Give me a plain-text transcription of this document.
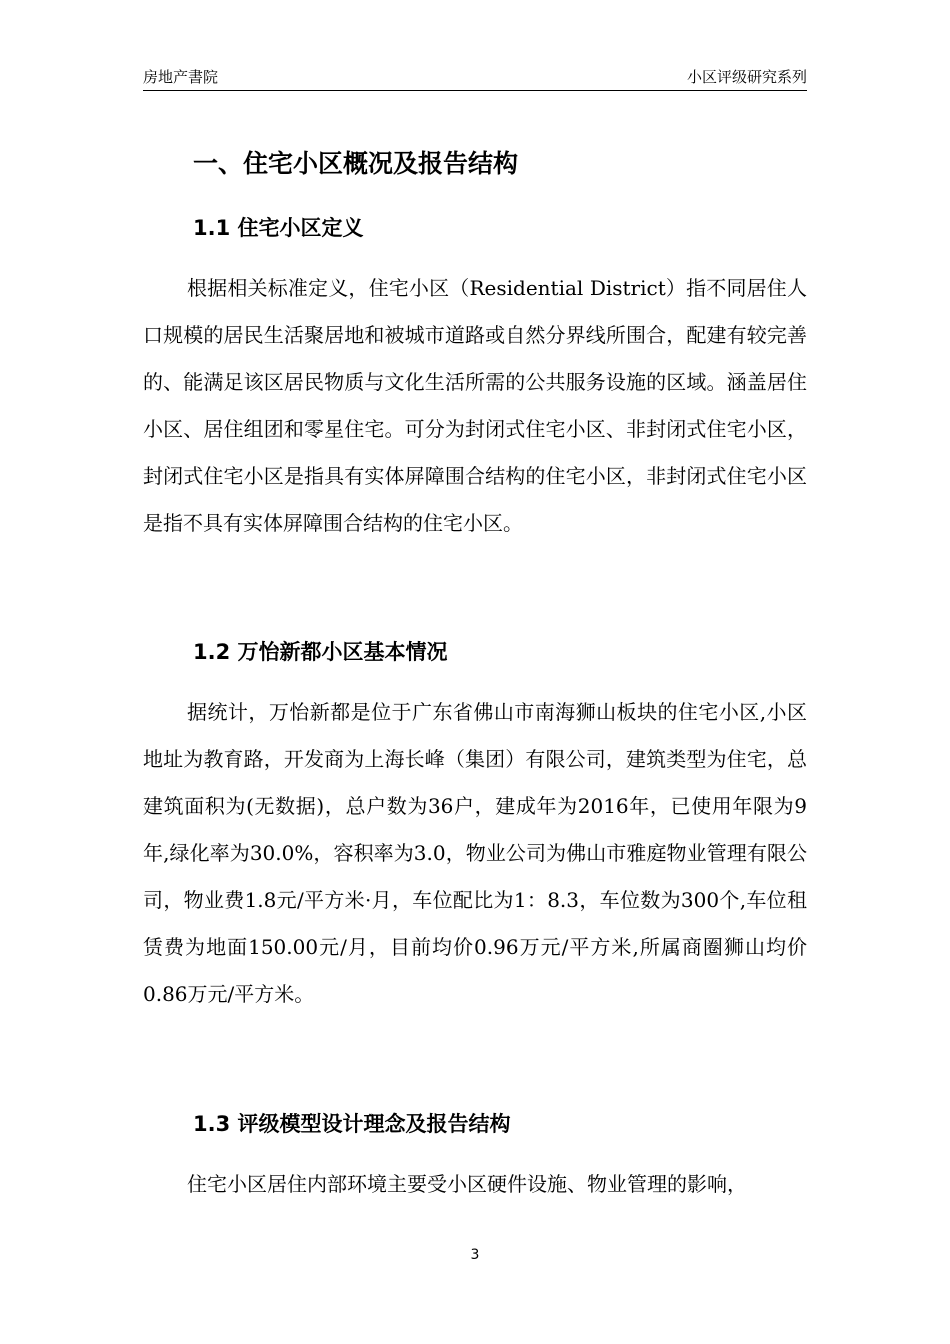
房地产書院	小区评级研究系列
一、住宅小区概况及报告结构
1.1 住宅小区定义
根据相关标准定义，住宅小区（Residential District）指不同居住人口规模的居民生活聚居地和被城市道路或自然分界线所围合，配建有较完善的、能满足该区居民物质与文化生活所需的公共服务设施的区域。涵盖居住小区、居住组团和零星住宅。可分为封闭式住宅小区、非封闭式住宅小区，封闭式住宅小区是指具有实体屏障围合结构的住宅小区，非封闭式住宅小区是指不具有实体屏障围合结构的住宅小区。
1.2 万怡新都小区基本情况
据统计，万怡新都是位于广东省佛山市南海狮山板块的住宅小区,小区地址为教育路，开发商为上海长峰（集团）有限公司，建筑类型为住宅，总建筑面积为(无数据)，总户数为36户，建成年为2016年，已使用年限为9年,绿化率为30.0%，容积率为3.0，物业公司为佛山市雅庭物业管理有限公司，物业费1.8元/平方米·月，车位配比为1：8.3，车位数为300个,车位租赁费为地面150.00元/月，目前均价0.96万元/平方米,所属商圈狮山均价0.86万元/平方米。
1.3 评级模型设计理念及报告结构
住宅小区居住内部环境主要受小区硬件设施、物业管理的影响，
3
